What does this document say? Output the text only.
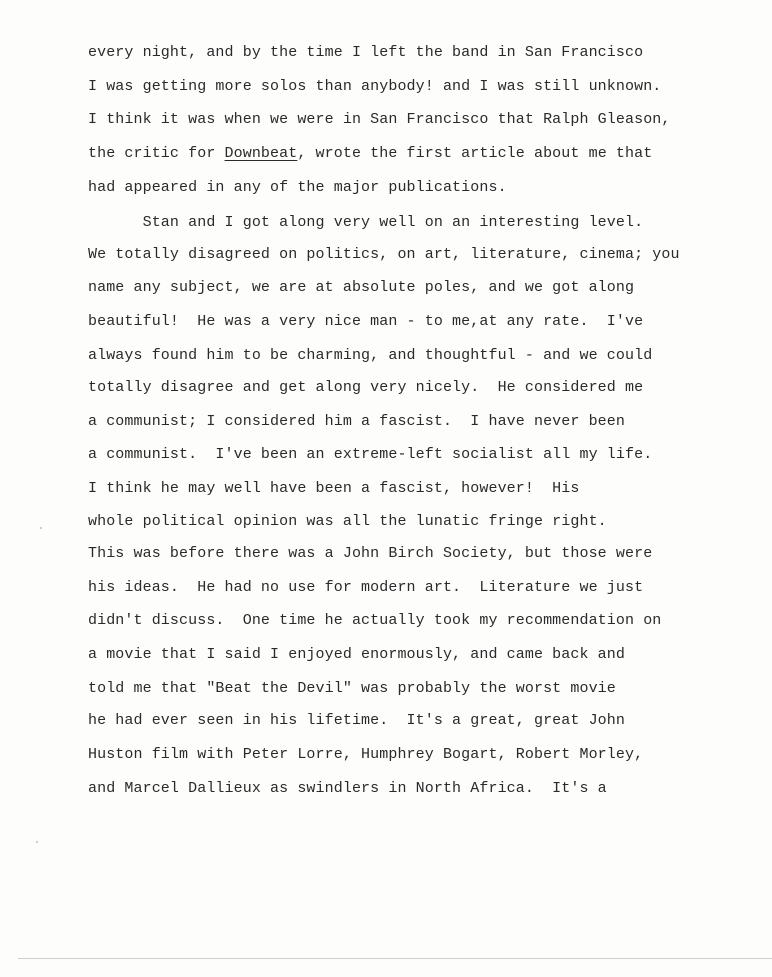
every night, and by the time I left the band in San Francisco

I was getting more solos than anybody! and I was still unknown.

I think it was when we were in San Francisco that Ralph Gleason,

the critic for Downbeat, wrote the first article about me that

had appeared in any of the major publications.

Stan and I got along very well on an interesting level.

We totally disagreed on politics, on art, literature, cinema; you

name any subject, we are at absolute poles, and we got along

beautiful!  He was a very nice man - to me,at any rate.  I've

always found him to be charming, and thoughtful - and we could

totally disagree and get along very nicely.  He considered me

a communist; I considered him a fascist.  I have never been

a communist.  I've been an extreme-left socialist all my life.

I think he may well have been a fascist, however!  His

whole political opinion was all the lunatic fringe right.

This was before there was a John Birch Society, but those were

his ideas.  He had no use for modern art.  Literature we just

didn't discuss.  One time he actually took my recommendation on

a movie that I said I enjoyed enormously, and came back and

told me that "Beat the Devil" was probably the worst movie

he had ever seen in his lifetime.  It's a great, great John

Huston film with Peter Lorre, Humphrey Bogart, Robert Morley,

and Marcel Dallieux as swindlers in North Africa.  It's a
